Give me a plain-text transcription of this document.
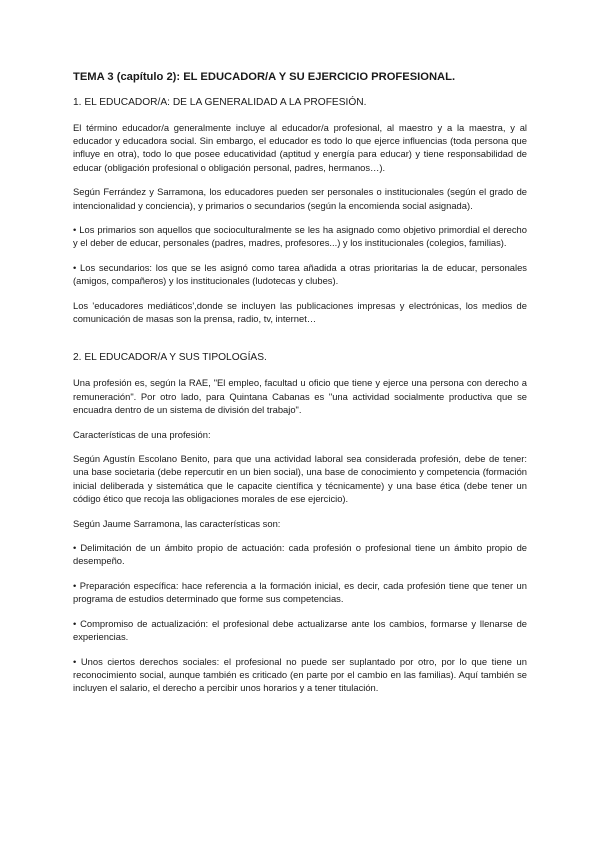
TEMA 3 (capítulo 2): EL EDUCADOR/A Y SU EJERCICIO PROFESIONAL.
1. EL EDUCADOR/A: DE LA GENERALIDAD A LA PROFESIÓN.

El término educador/a generalmente incluye al educador/a profesional, al maestro y a la maestra, y al educador y educadora social. Sin embargo, el educador es todo lo que ejerce influencias (toda persona que influye en otra), todo lo que posee educatividad (aptitud y energía para educar) y tiene responsabilidad de educar (obligación profesional o obligación personal, padres, hermanos…).

Según Ferrández y Sarramona, los educadores pueden ser personales o institucionales (según el grado de intencionalidad y conciencia), y primarios o secundarios (según la encomienda social asignada).

• Los primarios son aquellos que socioculturalmente se les ha asignado como objetivo primordial el derecho y el deber de educar, personales (padres, madres, profesores...) y los institucionales (colegios, familias).

• Los secundarios: los que se les asignó como tarea añadida a otras prioritarias la de educar, personales (amigos, compañeros) y los institucionales (ludotecas y clubes).

Los 'educadores mediáticos',donde se incluyen las publicaciones impresas y electrónicas, los medios de comunicación de masas son la prensa, radio, tv, internet…

2. EL EDUCADOR/A Y SUS TIPOLOGÍAS.

Una profesión es, según la RAE, "El empleo, facultad u oficio que tiene y ejerce una persona con derecho a remuneración". Por otro lado, para Quintana Cabanas es "una actividad socialmente productiva que se encuadra dentro de un sistema de división del trabajo".

Características de una profesión:

Según Agustín Escolano Benito, para que una actividad laboral sea considerada profesión, debe de tener: una base societaria (debe repercutir en un bien social), una base de conocimiento y competencia (formación inicial deliberada y sistemática que le capacite científica y técnicamente) y una base ética (debe tener un código ético que recoja las obligaciones morales de ese ejercicio).

Según Jaume Sarramona, las características son:

• Delimitación de un ámbito propio de actuación: cada profesión o profesional tiene un ámbito propio de desempeño.

• Preparación específica: hace referencia a la formación inicial, es decir, cada profesión tiene que tener un programa de estudios determinado que forme sus competencias.

• Compromiso de actualización: el profesional debe actualizarse ante los cambios, formarse y llenarse de experiencias.

• Unos ciertos derechos sociales: el profesional no puede ser suplantado por otro, por lo que tiene un reconocimiento social, aunque también es criticado (en parte por el cambio en las familias). Aquí también se incluyen el salario, el derecho a percibir unos horarios y a tener titulación.
